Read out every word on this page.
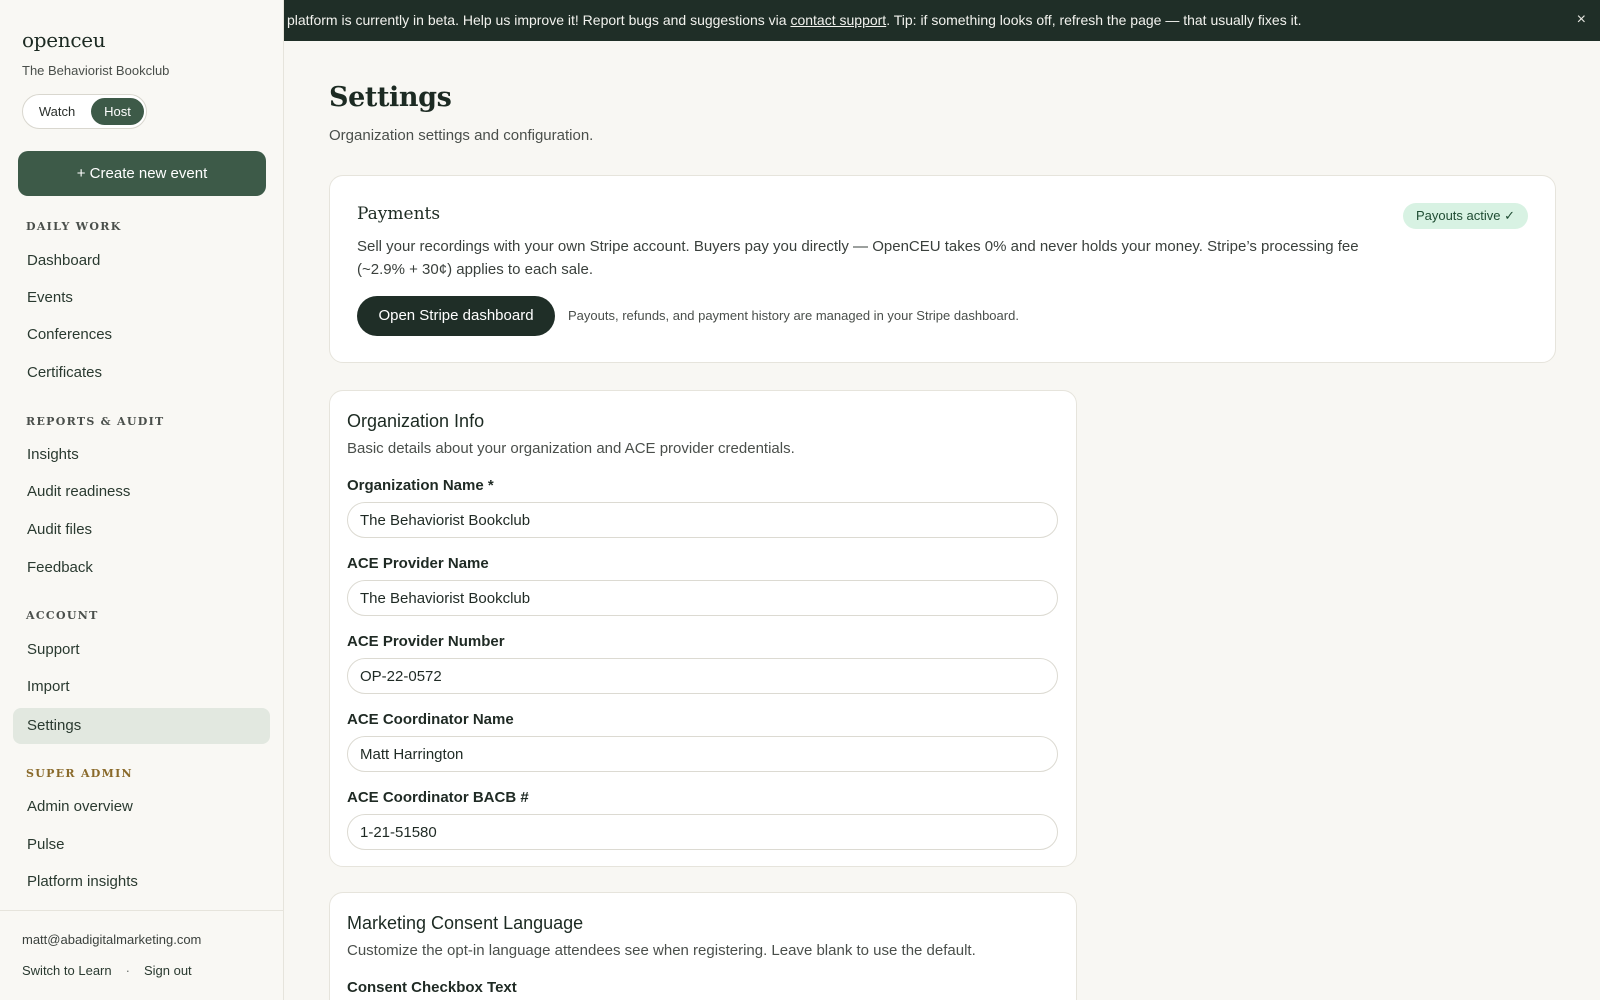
openceu
The Behaviorist Bookclub
Watch	Host
+ Create new event
DAILY WORK
Dashboard
Events
Conferences
Certificates
REPORTS & AUDIT
Insights
Audit readiness
Audit files
Feedback
ACCOUNT
Support
Import
Settings
SUPER ADMIN
Admin overview
Pulse
Platform insights
matt@abadigitalmarketing.com
Switch to Learn · Sign out
platform is currently in beta. Help us improve it! Report bugs and suggestions via contact support. Tip: if something looks off, refresh the page — that usually fixes it.	×
Settings
Organization settings and configuration.
Payments	Payouts active ✓
Sell your recordings with your own Stripe account. Buyers pay you directly — OpenCEU takes 0% and never holds your money. Stripe’s processing fee (~2.9% + 30¢) applies to each sale.
Open Stripe dashboard	Payouts, refunds, and payment history are managed in your Stripe dashboard.
Organization Info
Basic details about your organization and ACE provider credentials.
Organization Name *
The Behaviorist Bookclub
ACE Provider Name
The Behaviorist Bookclub
ACE Provider Number
OP-22-0572
ACE Coordinator Name
Matt Harrington
ACE Coordinator BACB #
1-21-51580
Marketing Consent Language
Customize the opt-in language attendees see when registering. Leave blank to use the default.
Consent Checkbox Text
